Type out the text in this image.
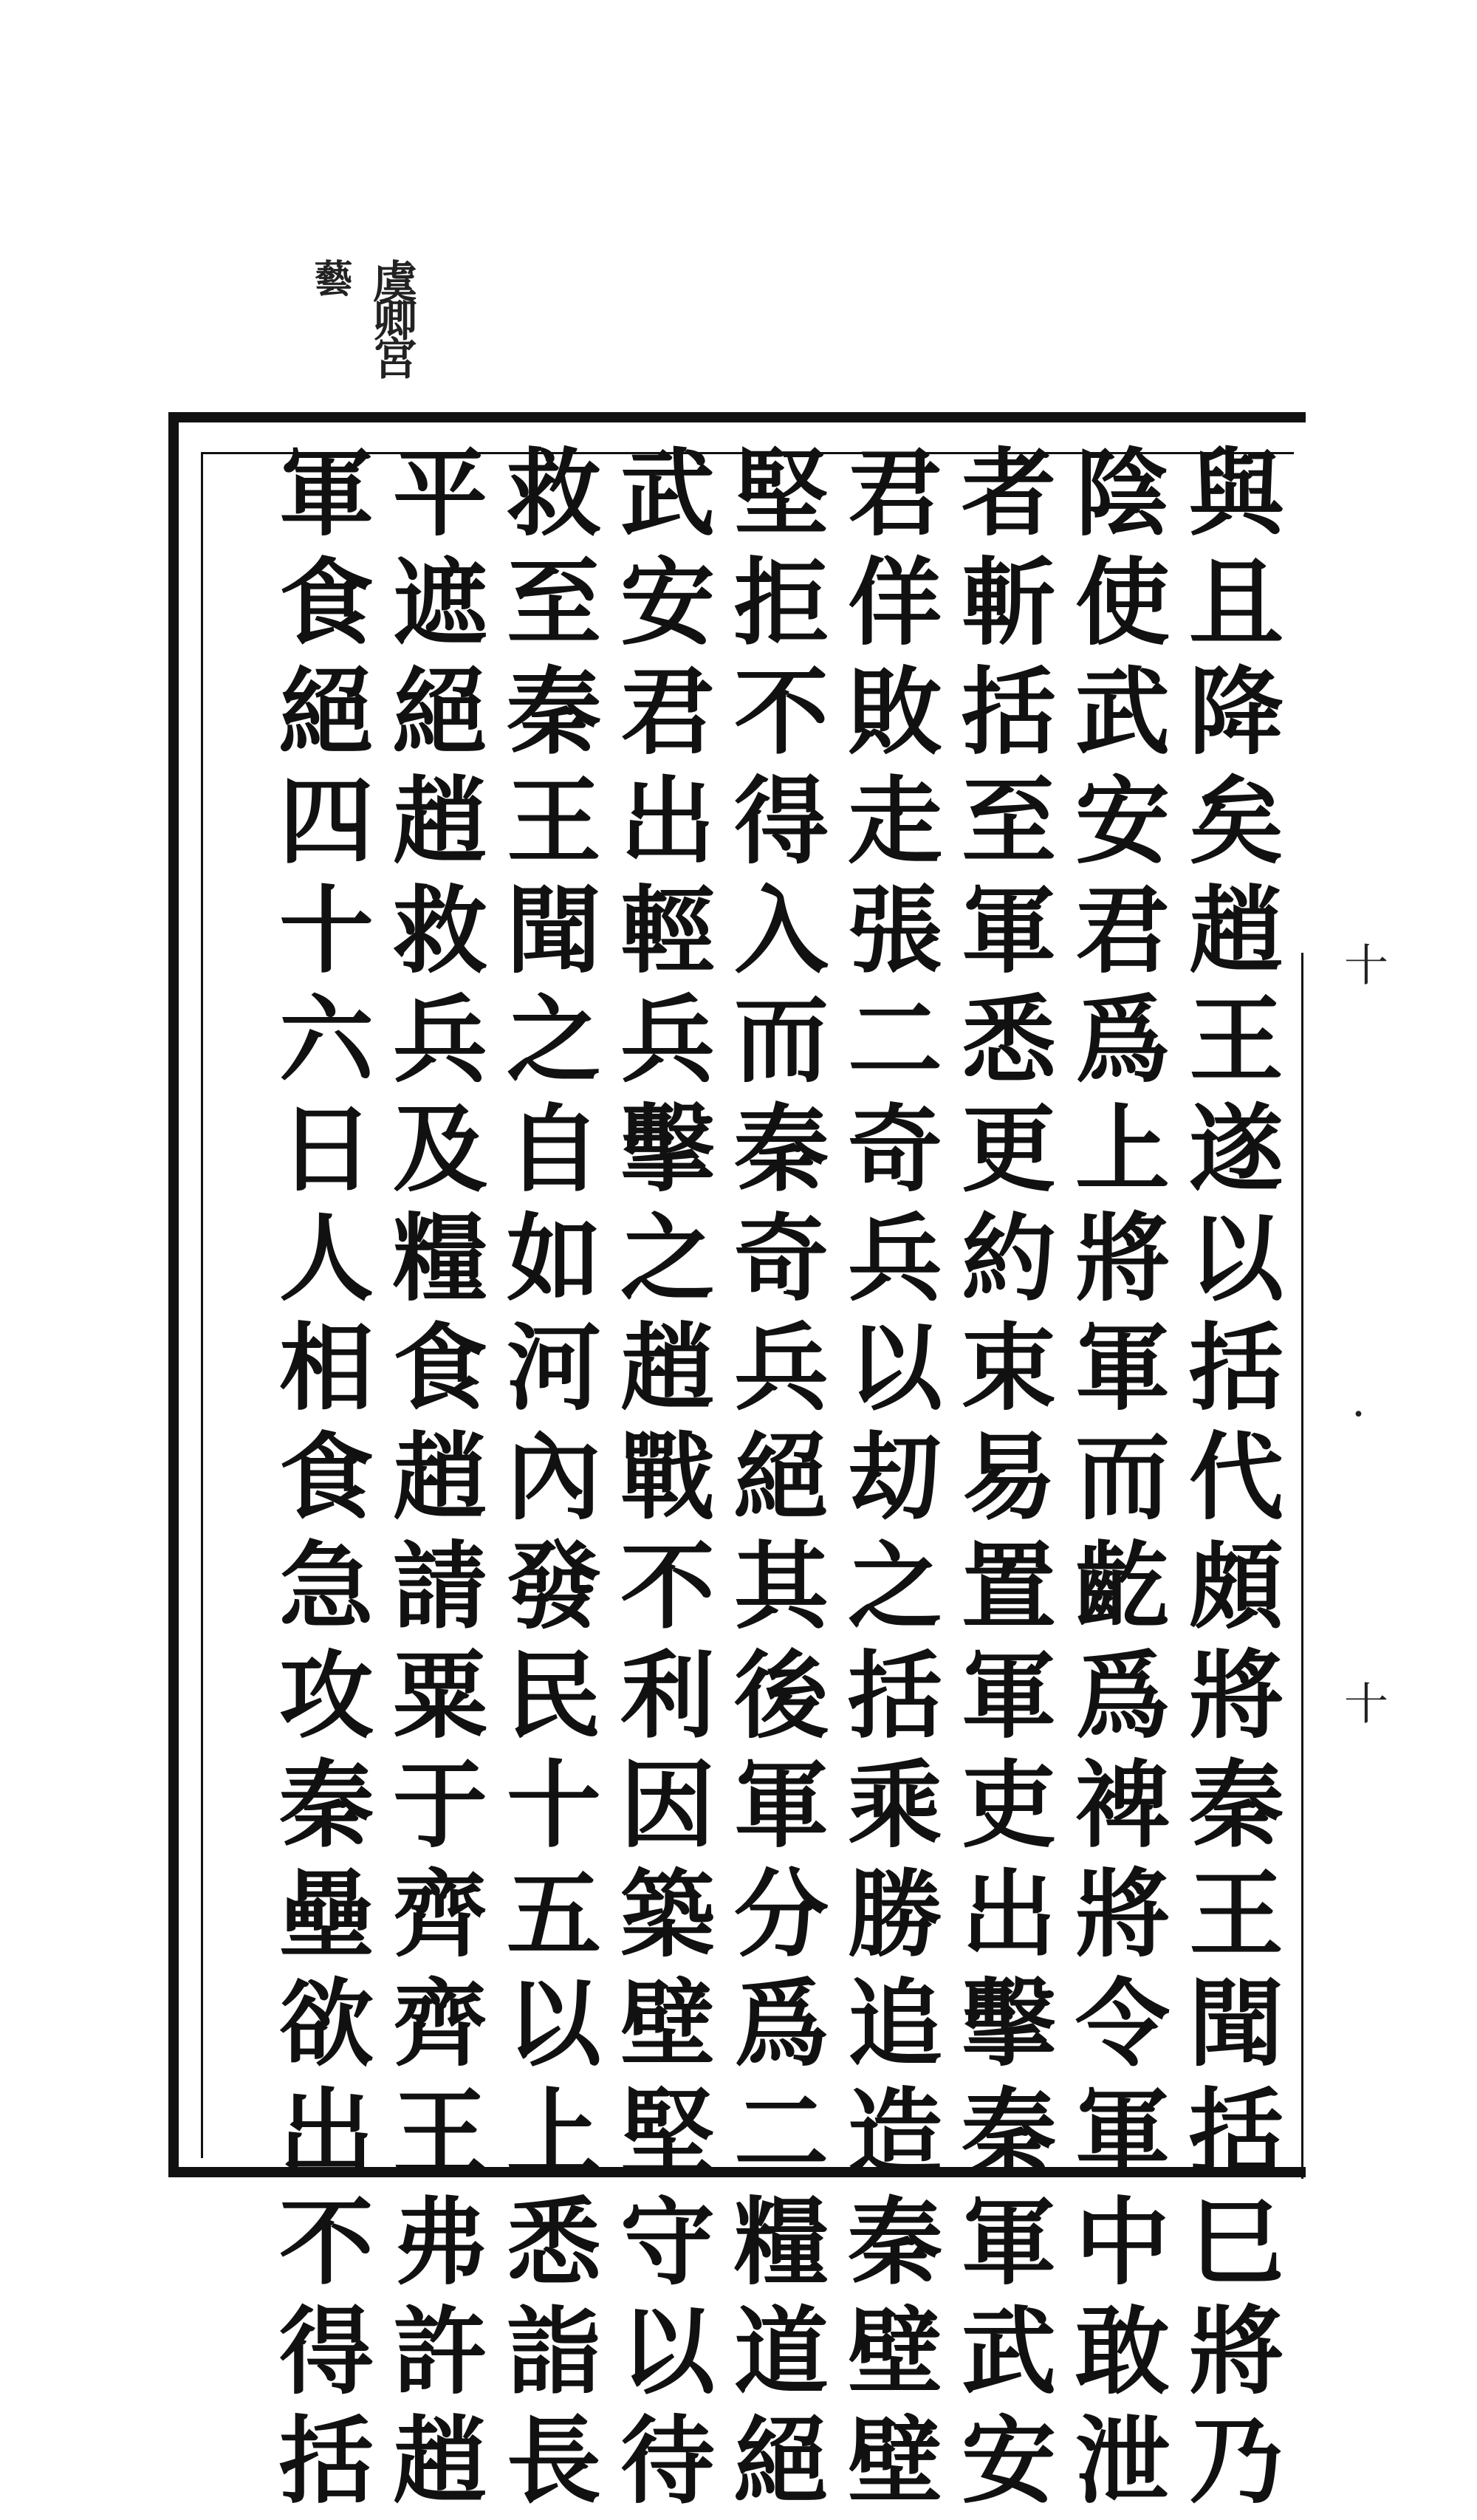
虞卿宮
藝
與且降矣趙王遂以括代頗將秦王聞括巳將乃
陰使武安君爲上將軍而齕爲裨將令軍中敢泄
者斬括至軍悉更約束易置軍吏出擊秦軍武安
君佯敗走張二奇兵以刧之括乘勝追造秦壁壁
堅拒不得入而秦奇兵絕其後軍分爲二糧道絕
武安君出輕兵擊之趙戰不利因築壁堅守以待
救至秦王聞之自如河內發民十五以上悉詣長
平遮絕趙救兵及糧食趙請粟于齊齊王弗許趙
軍食絕四十六日人相食急攻秦壘欲出不得括	十
十
·
